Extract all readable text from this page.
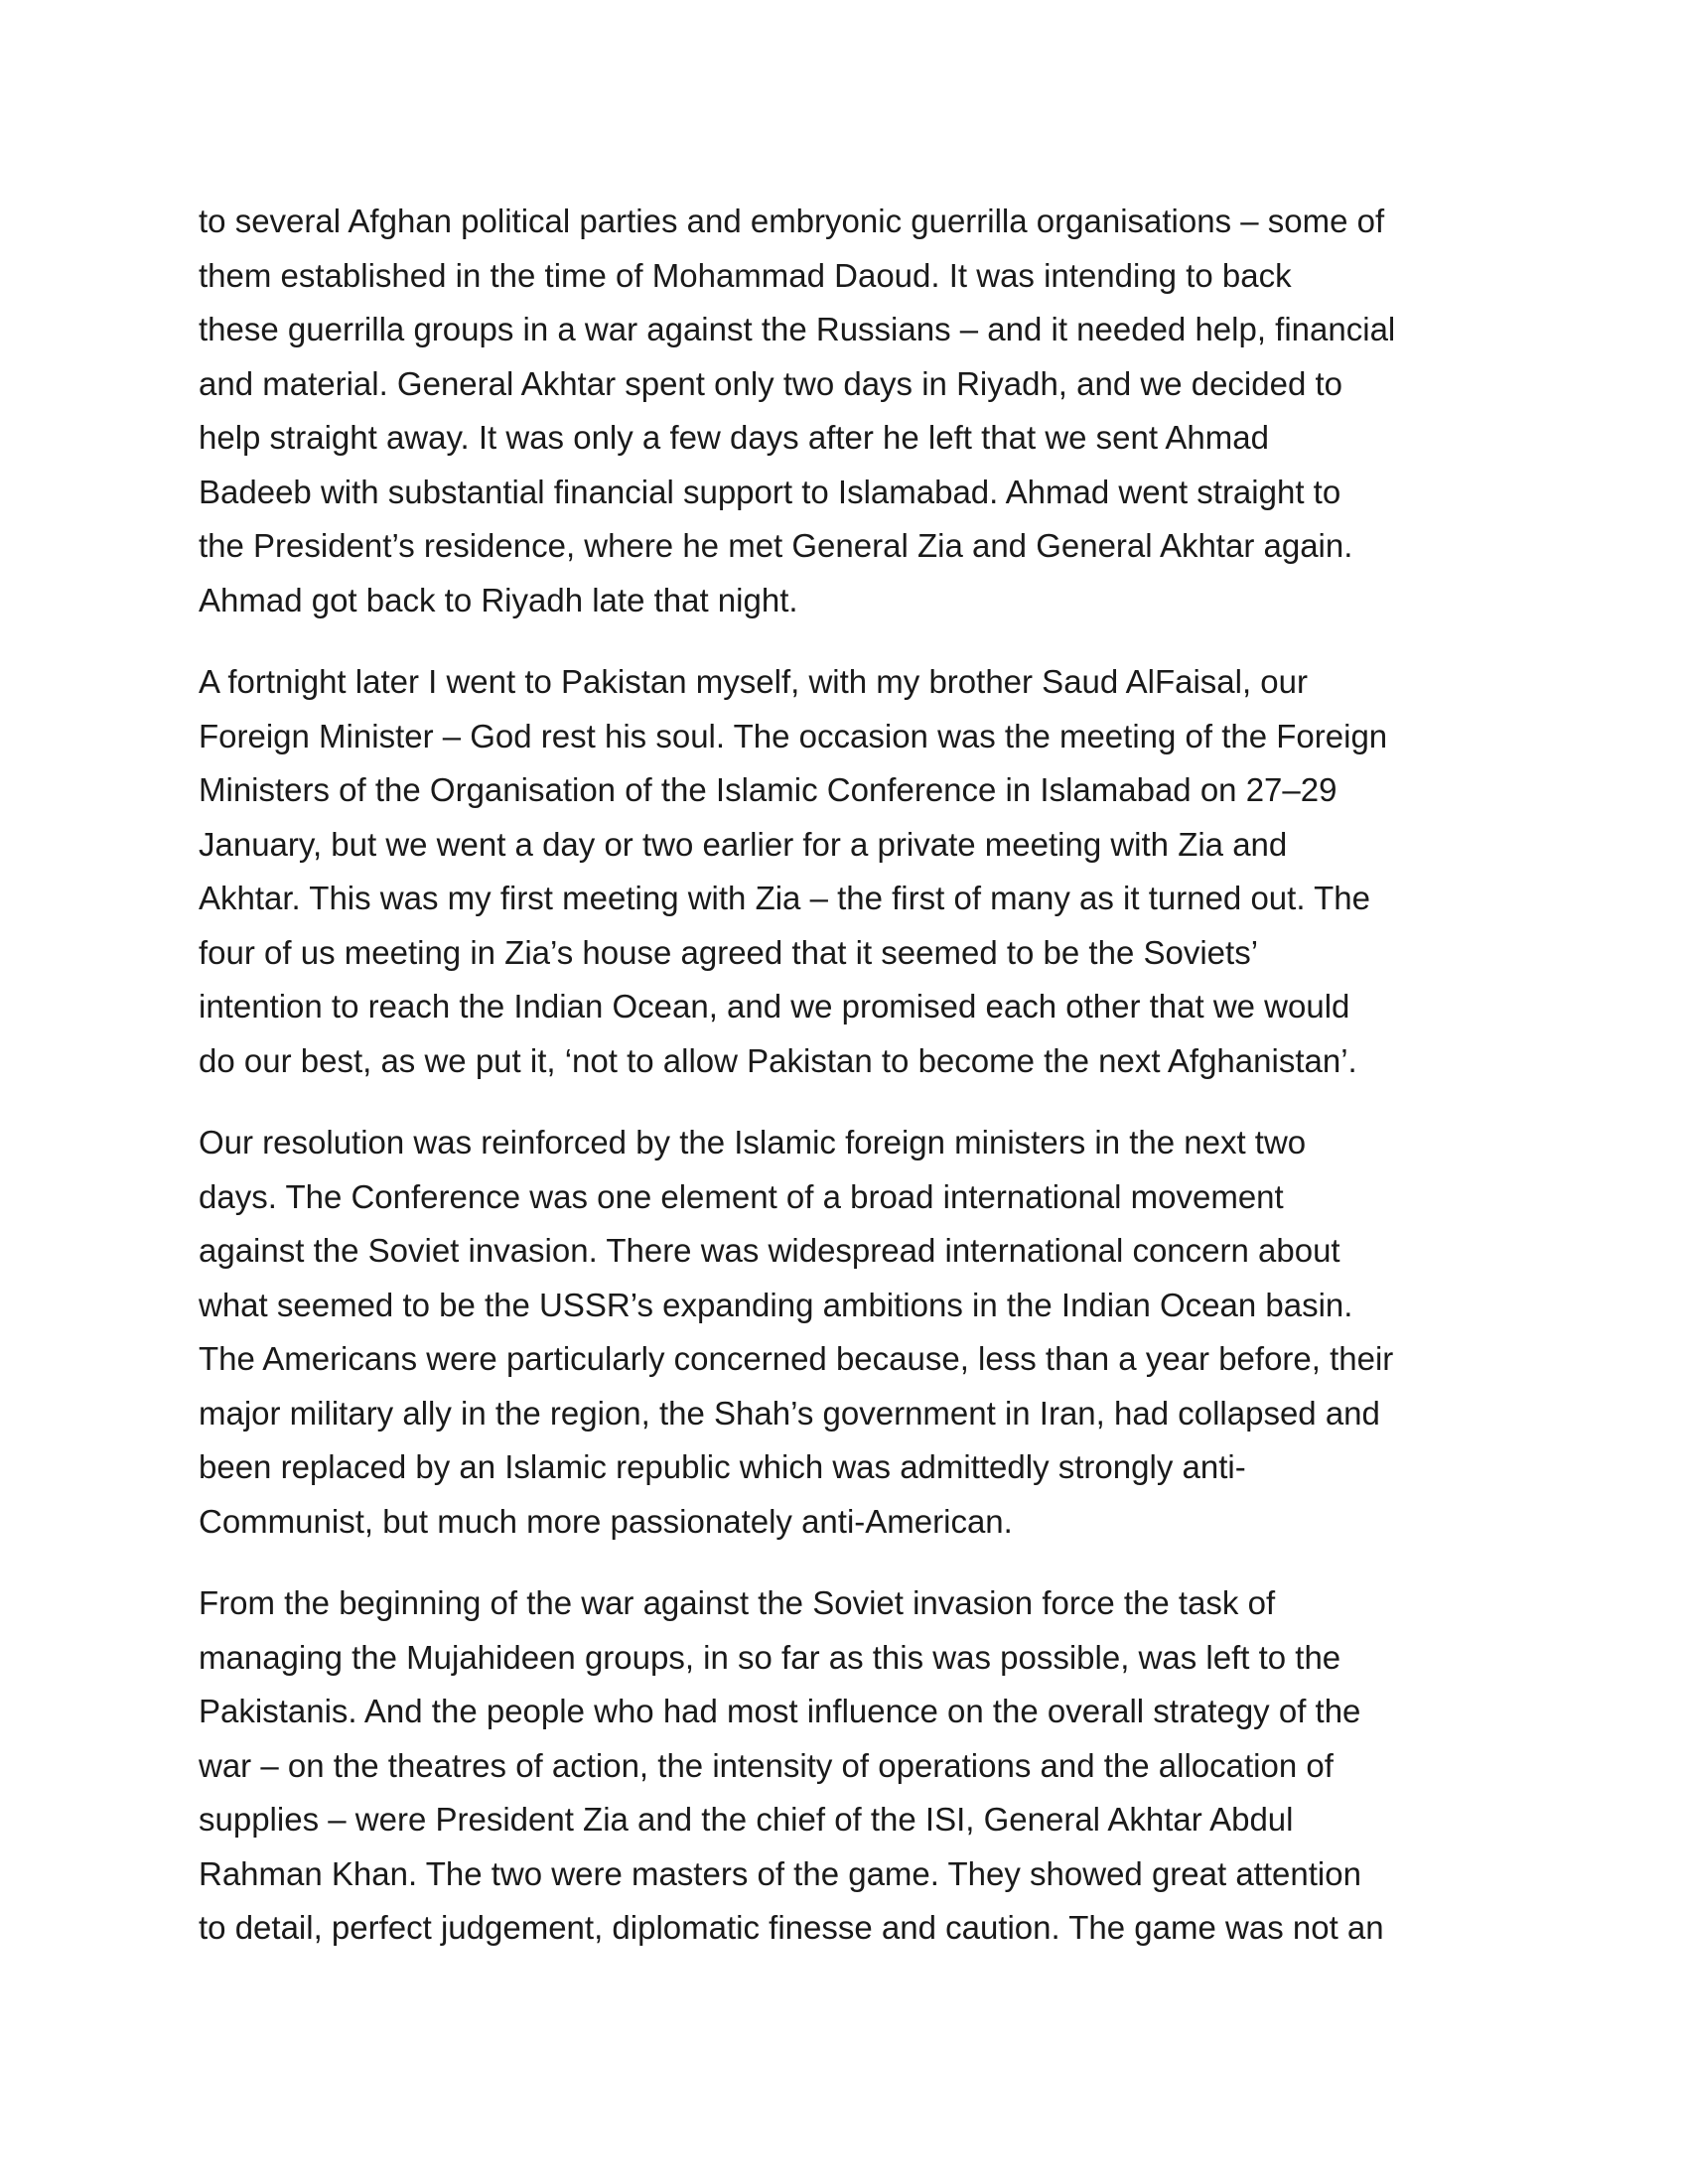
to several Afghan political parties and embryonic guerrilla organisations – some of
them established in the time of Mohammad Daoud. It was intending to back
these guerrilla groups in a war against the Russians – and it needed help, financial
and material. General Akhtar spent only two days in Riyadh, and we decided to
help straight away. It was only a few days after he left that we sent Ahmad
Badeeb with substantial financial support to Islamabad. Ahmad went straight to
the President’s residence, where he met General Zia and General Akhtar again.
Ahmad got back to Riyadh late that night.

A fortnight later I went to Pakistan myself, with my brother Saud AlFaisal, our
Foreign Minister – God rest his soul. The occasion was the meeting of the Foreign
Ministers of the Organisation of the Islamic Conference in Islamabad on 27–29
January, but we went a day or two earlier for a private meeting with Zia and
Akhtar. This was my first meeting with Zia – the first of many as it turned out. The
four of us meeting in Zia’s house agreed that it seemed to be the Soviets’
intention to reach the Indian Ocean, and we promised each other that we would
do our best, as we put it, ‘not to allow Pakistan to become the next Afghanistan’.

Our resolution was reinforced by the Islamic foreign ministers in the next two
days. The Conference was one element of a broad international movement
against the Soviet invasion. There was widespread international concern about
what seemed to be the USSR’s expanding ambitions in the Indian Ocean basin.
The Americans were particularly concerned because, less than a year before, their
major military ally in the region, the Shah’s government in Iran, had collapsed and
been replaced by an Islamic republic which was admittedly strongly anti-
Communist, but much more passionately anti-American.

From the beginning of the war against the Soviet invasion force the task of
managing the Mujahideen groups, in so far as this was possible, was left to the
Pakistanis. And the people who had most influence on the overall strategy of the
war – on the theatres of action, the intensity of operations and the allocation of
supplies – were President Zia and the chief of the ISI, General Akhtar Abdul
Rahman Khan. The two were masters of the game. They showed great attention
to detail, perfect judgement, diplomatic finesse and caution. The game was not an
